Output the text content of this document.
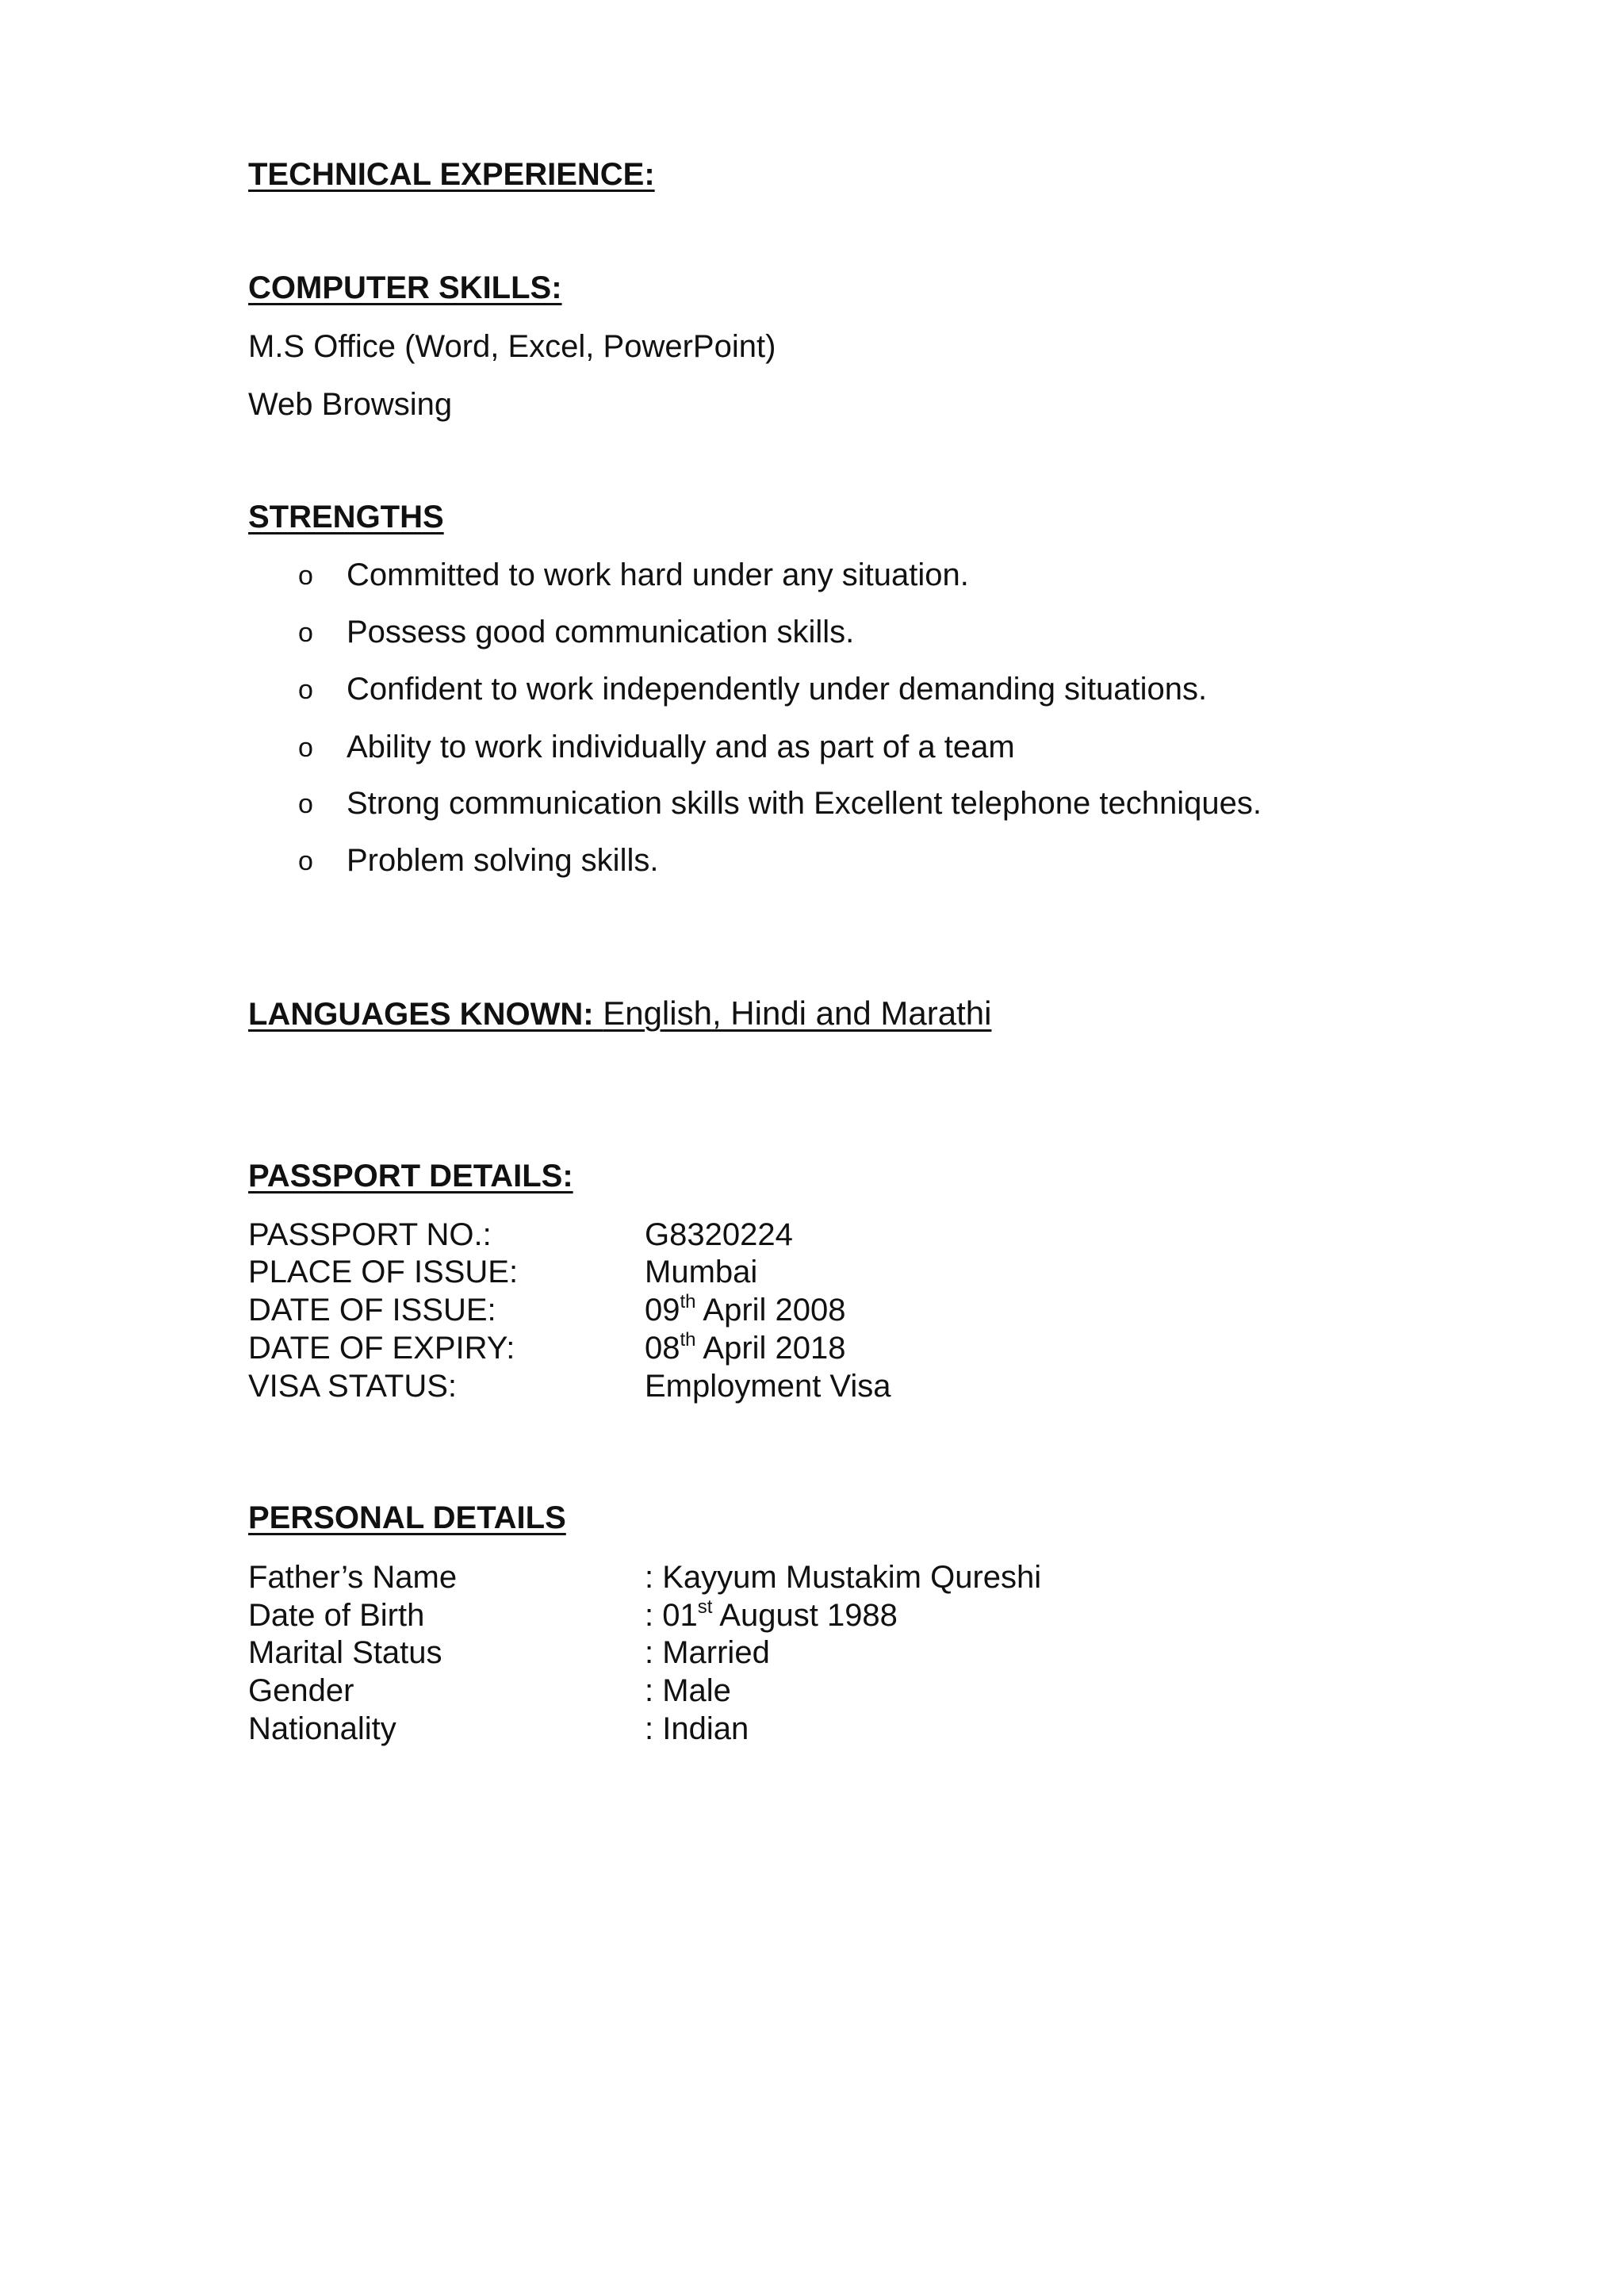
TECHNICAL EXPERIENCE:
COMPUTER SKILLS:
M.S Office (Word, Excel, PowerPoint)
Web Browsing
STRENGTHS
o Committed to work hard under any situation.
o Possess good communication skills.
o Confident to work independently under demanding situations.
o Ability to work individually and as part of a team
o Strong communication skills with Excellent telephone techniques.
o Problem solving skills.
LANGUAGES KNOWN: English, Hindi and Marathi
PASSPORT DETAILS:
PASSPORT NO.:	G8320224
PLACE OF ISSUE:	Mumbai
DATE OF ISSUE:	09th April 2008
DATE OF EXPIRY:	08th April 2018
VISA STATUS:	Employment Visa
PERSONAL DETAILS
Father’s Name	: Kayyum Mustakim Qureshi
Date of Birth	: 01st August 1988
Marital Status	: Married
Gender	: Male
Nationality	: Indian
